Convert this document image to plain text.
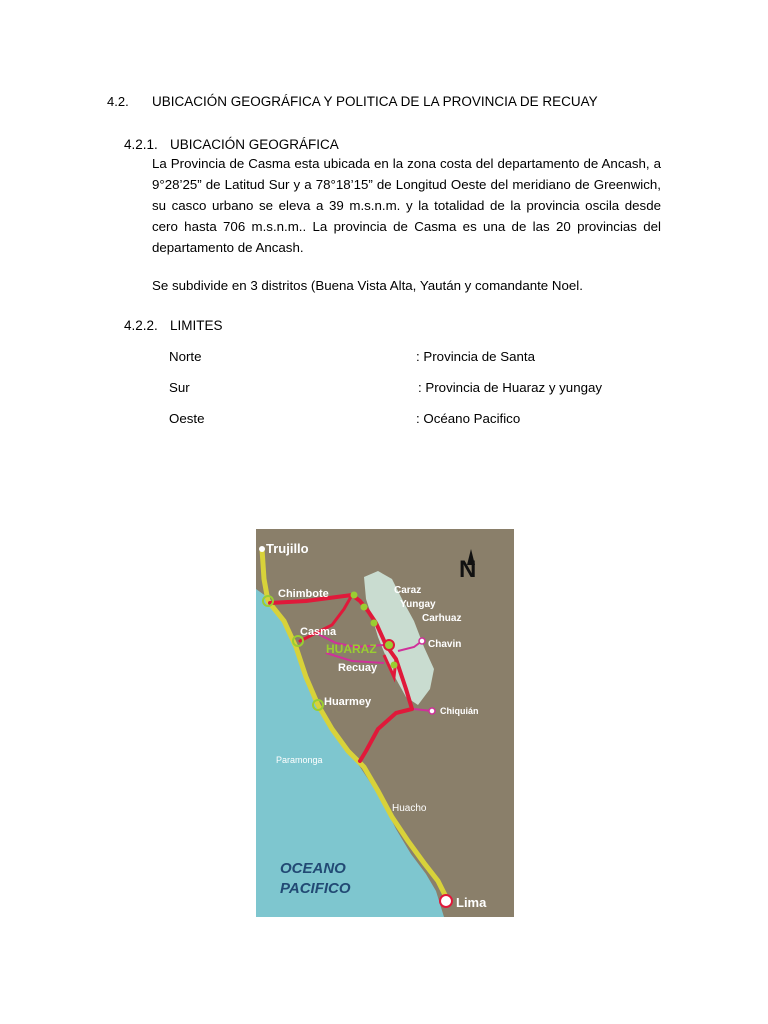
4.2. UBICACIÓN GEOGRÁFICA Y POLITICA DE LA PROVINCIA DE RECUAY
4.2.1. UBICACIÓN GEOGRÁFICA
La Provincia de Casma esta ubicada en la zona costa del departamento de Ancash, a 9°28’25” de Latitud Sur y a 78°18’15” de Longitud Oeste del meridiano de Greenwich, su casco urbano se eleva a 39 m.s.n.m. y la totalidad de la provincia oscila desde cero hasta 706 m.s.n.m.. La provincia de Casma es una de las 20 provincias del departamento de Ancash.
Se subdivide en 3 distritos (Buena Vista Alta, Yaután y comandante Noel.
4.2.2. LIMITES
Norte	: Provincia de Santa
Sur	: Provincia de Huaraz y yungay
Oeste	: Océano Pacifico
N
Trujillo
Chimbote
Casma
HUARAZ
Recuay
Huarmey
Paramonga
Huacho
Lima
Caraz
Yungay
Carhuaz
Chavin
Chiquián
OCEANO
PACIFICO
